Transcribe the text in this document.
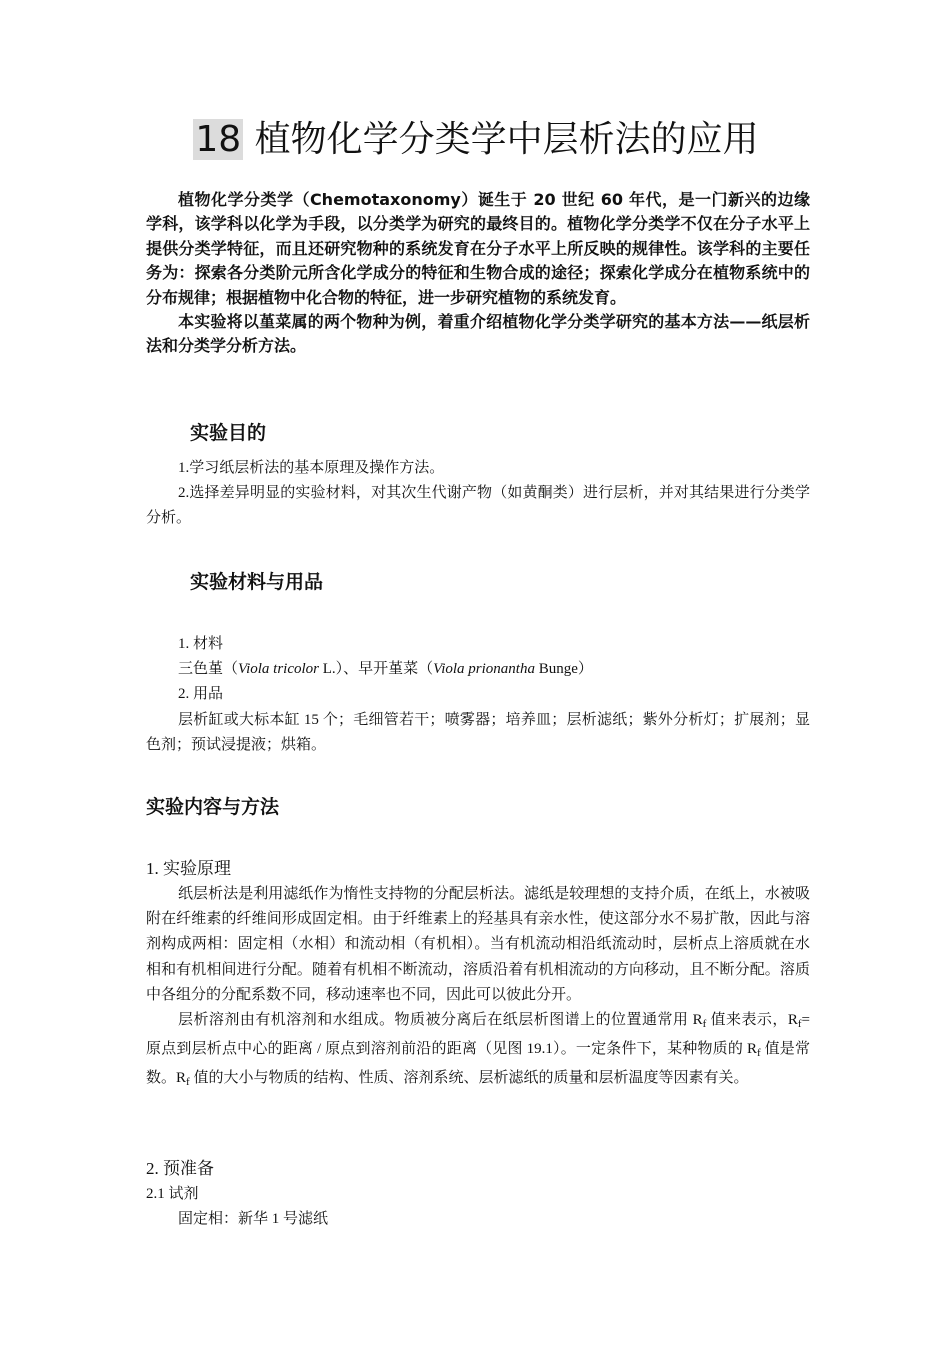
18 植物化学分类学中层析法的应用

植物化学分类学（Chemotaxonomy）诞生于 20 世纪 60 年代，是一门新兴的边缘学科，该学科以化学为手段，以分类学为研究的最终目的。植物化学分类学不仅在分子水平上提供分类学特征，而且还研究物种的系统发育在分子水平上所反映的规律性。该学科的主要任务为：探索各分类阶元所含化学成分的特征和生物合成的途径；探索化学成分在植物系统中的分布规律；根据植物中化合物的特征，进一步研究植物的系统发育。

本实验将以堇菜属的两个物种为例，着重介绍植物化学分类学研究的基本方法——纸层析法和分类学分析方法。

实验目的

1.学习纸层析法的基本原理及操作方法。

2.选择差异明显的实验材料，对其次生代谢产物（如黄酮类）进行层析，并对其结果进行分类学分析。

实验材料与用品

1. 材料

三色堇（Viola tricolor L.）、早开堇菜（Viola prionantha Bunge）

2. 用品

层析缸或大标本缸 15 个；毛细管若干；喷雾器；培养皿；层析滤纸；紫外分析灯；扩展剂；显色剂；预试浸提液；烘箱。

实验内容与方法

1. 实验原理

纸层析法是利用滤纸作为惰性支持物的分配层析法。滤纸是较理想的支持介质，在纸上，水被吸附在纤维素的纤维间形成固定相。由于纤维素上的羟基具有亲水性，使这部分水不易扩散，因此与溶剂构成两相：固定相（水相）和流动相（有机相）。当有机流动相沿纸流动时，层析点上溶质就在水相和有机相间进行分配。随着有机相不断流动，溶质沿着有机相流动的方向移动，且不断分配。溶质中各组分的分配系数不同，移动速率也不同，因此可以彼此分开。

层析溶剂由有机溶剂和水组成。物质被分离后在纸层析图谱上的位置通常用 $R_f$ 值来表示，$R_f=$ 原点到层析点中心的距离 / 原点到溶剂前沿的距离（见图 19.1）。一定条件下，某种物质的 $R_f$ 值是常数。$R_f$ 值的大小与物质的结构、性质、溶剂系统、层析滤纸的质量和层析温度等因素有关。

2. 预准备

2.1 试剂

固定相：新华 1 号滤纸
